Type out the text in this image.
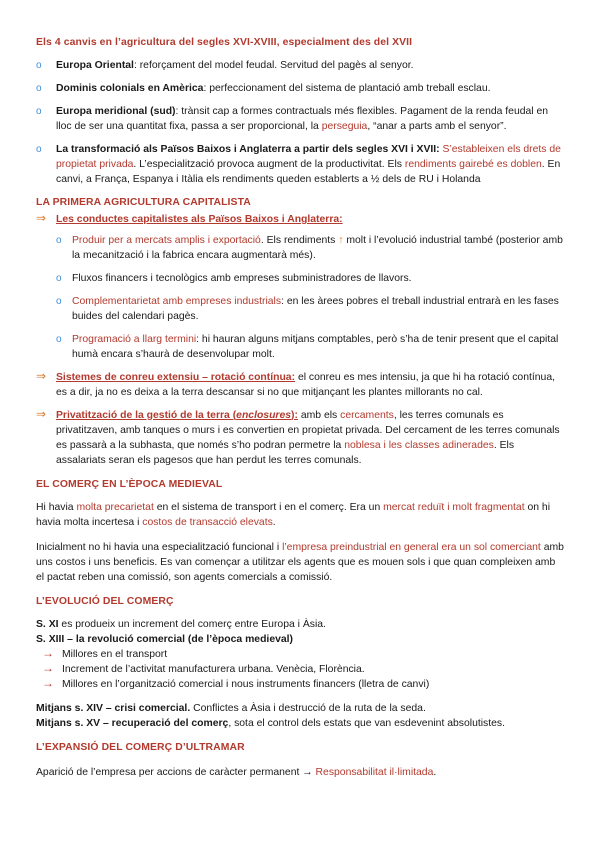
Els 4 canvis en l’agricultura del segles XVI-XVIII, especialment des del XVII

o Europa Oriental: reforçament del model feudal. Servitud del pagès al senyor.
o Dominis colonials en Amèrica: perfeccionament del sistema de plantació amb treball esclau.
o Europa meridional (sud): trànsit cap a formes contractuals més flexibles. Pagament de la renda feudal en lloc de ser una quantitat fixa, passa a ser proporcional, la perseguia, “anar a parts amb el senyor”.
o La transformació als Països Baixos i Anglaterra a partir dels segles XVI i XVII: S’estableixen els drets de propietat privada. L’especialització provoca augment de la productivitat. Els rendiments gairebé es doblen. En canvi, a França, Espanya i Itàlia els rendiments queden establerts a ½ dels de RU i Holanda

LA PRIMERA AGRICULTURA CAPITALISTA

⇒ Les conductes capitalistes als Països Baixos i Anglaterra:
o Produir per a mercats amplis i exportació. Els rendiments ↑ molt i l’evolució industrial també (posterior amb la mecanització i la fabrica encara augmentarà més).
o Fluxos financers i tecnològics amb empreses subministradores de llavors.
o Complementarietat amb empreses industrials: en les àrees pobres el treball industrial entrarà en les fases buides del calendari pagès.
o Programació a llarg termini: hi hauran alguns mitjans comptables, però s’ha de tenir present que el capital humà encara s’haurà de desenvolupar molt.
⇒ Sistemes de conreu extensiu – rotació contínua: el conreu es mes intensiu, ja que hi ha rotació contínua, es a dir, ja no es deixa a la terra descansar si no que mitjançant les plantes millorants no cal.
⇒ Privatització de la gestió de la terra (enclosures): amb els cercaments, les terres comunals es privatitzaven, amb tanques o murs i es convertien en propietat privada. Del cercament de les terres comunals es passarà a la subhasta, que només s’ho podran permetre la noblesa i les classes adinerades. Els assalariats seran els pagesos que han perdut les terres comunals.

EL COMERÇ EN L’ÈPOCA MEDIEVAL

Hi havia molta precarietat en el sistema de transport i en el comerç. Era un mercat reduït i molt fragmentat on hi havia molta incertesa i costos de transacció elevats.

Inicialment no hi havia una especialització funcional i l’empresa preindustrial en general era un sol comerciant amb uns costos i uns beneficis. Es van començar a utilitzar els agents que es mouen sols i que quan compleixen amb el pactat reben una comissió, son agents comercials a comissió.

L’EVOLUCIÓ DEL COMERÇ

S. XI es produeix un increment del comerç entre Europa i Àsia.

S. XIII – la revolució comercial (de l’època medieval)

→ Millores en el transport
→ Increment de l’activitat manufacturera urbana. Venècia, Florència.
→ Millores en l’organització comercial i nous instruments financers (lletra de canvi)

Mitjans s. XIV – crisi comercial. Conflictes a Àsia i destrucció de la ruta de la seda.

Mitjans s. XV – recuperació del comerç, sota el control dels estats que van esdevenint absolutistes.

L’EXPANSIÓ DEL COMERÇ D’ULTRAMAR

Aparició de l’empresa per accions de caràcter permanent → Responsabilitat il·limitada.
